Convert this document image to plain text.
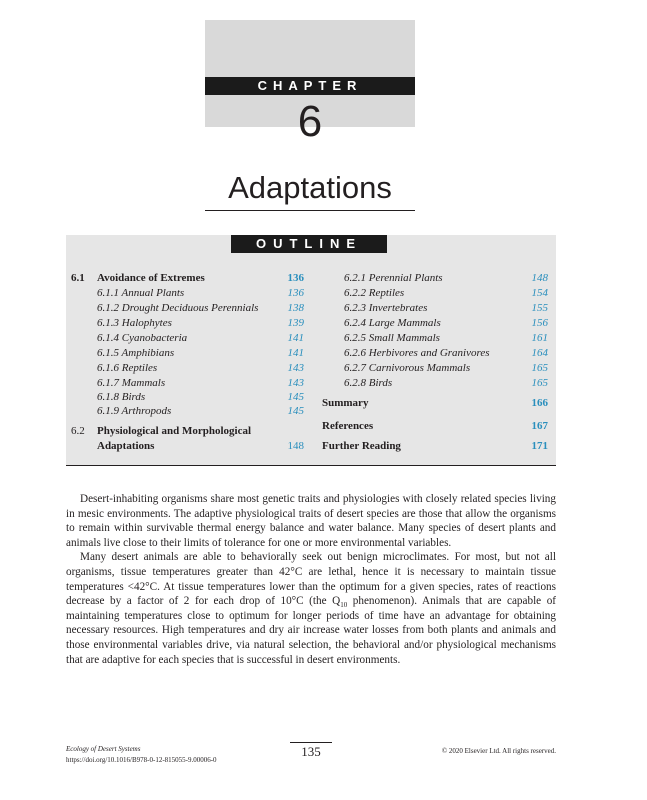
CHAPTER
6
Adaptations
OUTLINE
6.1 Avoidance of Extremes	136
6.1.1 Annual Plants	136
6.1.2 Drought Deciduous Perennials	138
6.1.3 Halophytes	139
6.1.4 Cyanobacteria	141
6.1.5 Amphibians	141
6.1.6 Reptiles	143
6.1.7 Mammals	143
6.1.8 Birds	145
6.1.9 Arthropods	145
6.2 Physiological and Morphological
Adaptations	148
6.2.1 Perennial Plants	148
6.2.2 Reptiles	154
6.2.3 Invertebrates	155
6.2.4 Large Mammals	156
6.2.5 Small Mammals	161
6.2.6 Herbivores and Granivores	164
6.2.7 Carnivorous Mammals	165
6.2.8 Birds	165
Summary	166
References	167
Further Reading	171

Desert-inhabiting organisms share most genetic traits and physiologies with closely related species living in mesic environments. The adaptive physiological traits of desert species are those that allow the organisms to remain within survivable thermal energy balance and water balance. Many species of desert plants and animals live close to their limits of tolerance for one or more environmental variables.

Many desert animals are able to behaviorally seek out benign microclimates. For most, but not all organisms, tissue temperatures greater than 42°C are lethal, hence it is necessary to maintain tissue temperatures <42°C. At tissue temperatures lower than the optimum for a given species, rates of reactions decrease by a factor of 2 for each drop of 10°C (the $Q_{10}$ phenomenon). Animals that are capable of maintaining temperatures close to optimum for longer periods of time have an advantage for obtaining necessary resources. High temperatures and dry air increase water losses from both plants and animals and those environmental variables drive, via natural selection, the behavioral and/or physiological mechanisms that are adaptive for each species that is successful in desert environments.

135
Ecology of Desert Systems
https://doi.org/10.1016/B978-0-12-815055-9.00006-0
© 2020 Elsevier Ltd. All rights reserved.
